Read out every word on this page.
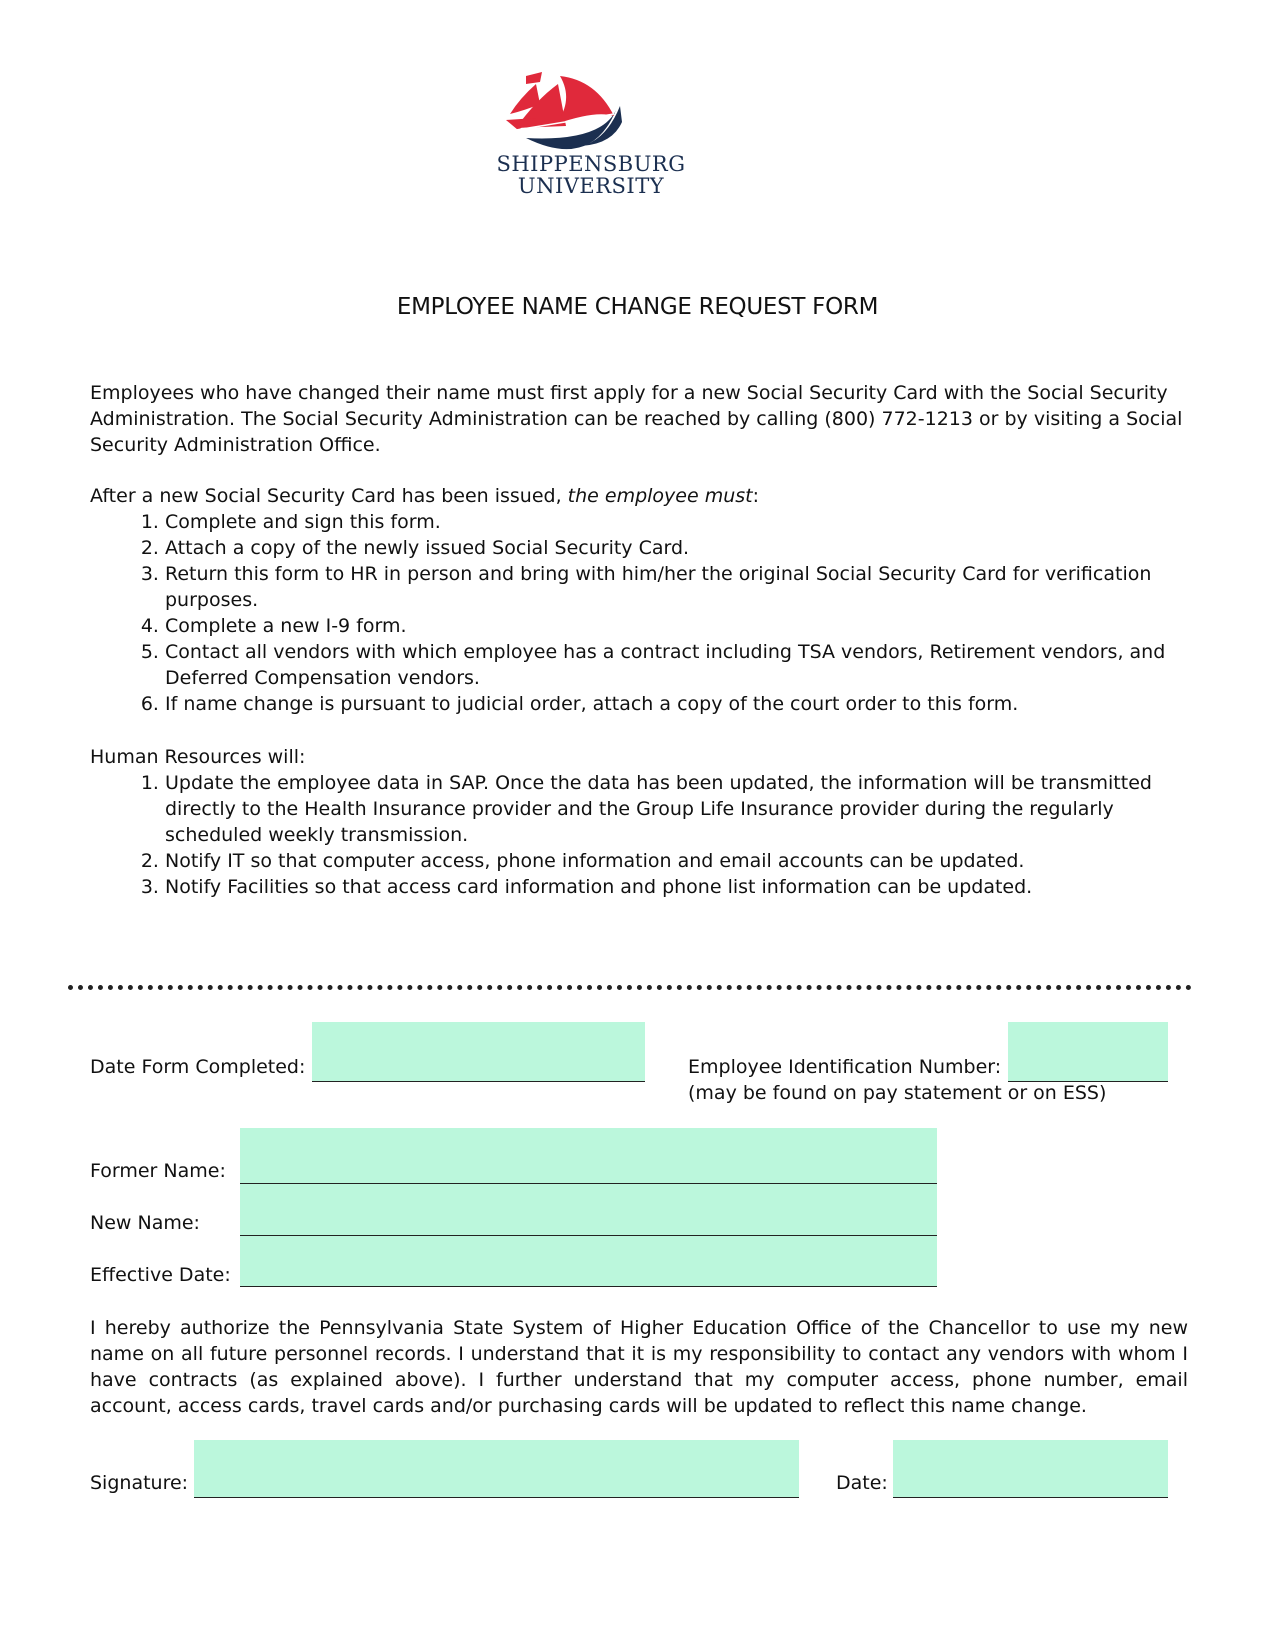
SHIPPENSBURG
UNIVERSITY
EMPLOYEE NAME CHANGE REQUEST FORM
Employees who have changed their name must first apply for a new Social Security Card with the Social Security Administration. The Social Security Administration can be reached by calling (800) 772-1213 or by visiting a Social Security Administration Office.
After a new Social Security Card has been issued, the employee must:
1. Complete and sign this form.
2. Attach a copy of the newly issued Social Security Card.
3. Return this form to HR in person and bring with him/her the original Social Security Card for verification purposes.
4. Complete a new I-9 form.
5. Contact all vendors with which employee has a contract including TSA vendors, Retirement vendors, and Deferred Compensation vendors.
6. If name change is pursuant to judicial order, attach a copy of the court order to this form.
Human Resources will:
1. Update the employee data in SAP. Once the data has been updated, the information will be transmitted directly to the Health Insurance provider and the Group Life Insurance provider during the regularly scheduled weekly transmission.
2. Notify IT so that computer access, phone information and email accounts can be updated.
3. Notify Facilities so that access card information and phone list information can be updated.
Date Form Completed:	Employee Identification Number:
(may be found on pay statement or on ESS)
Former Name:
New Name:
Effective Date:
I hereby authorize the Pennsylvania State System of Higher Education Office of the Chancellor to use my new name on all future personnel records. I understand that it is my responsibility to contact any vendors with whom I have contracts (as explained above). I further understand that my computer access, phone number, email account, access cards, travel cards and/or purchasing cards will be updated to reflect this name change.
Signature:	Date:
